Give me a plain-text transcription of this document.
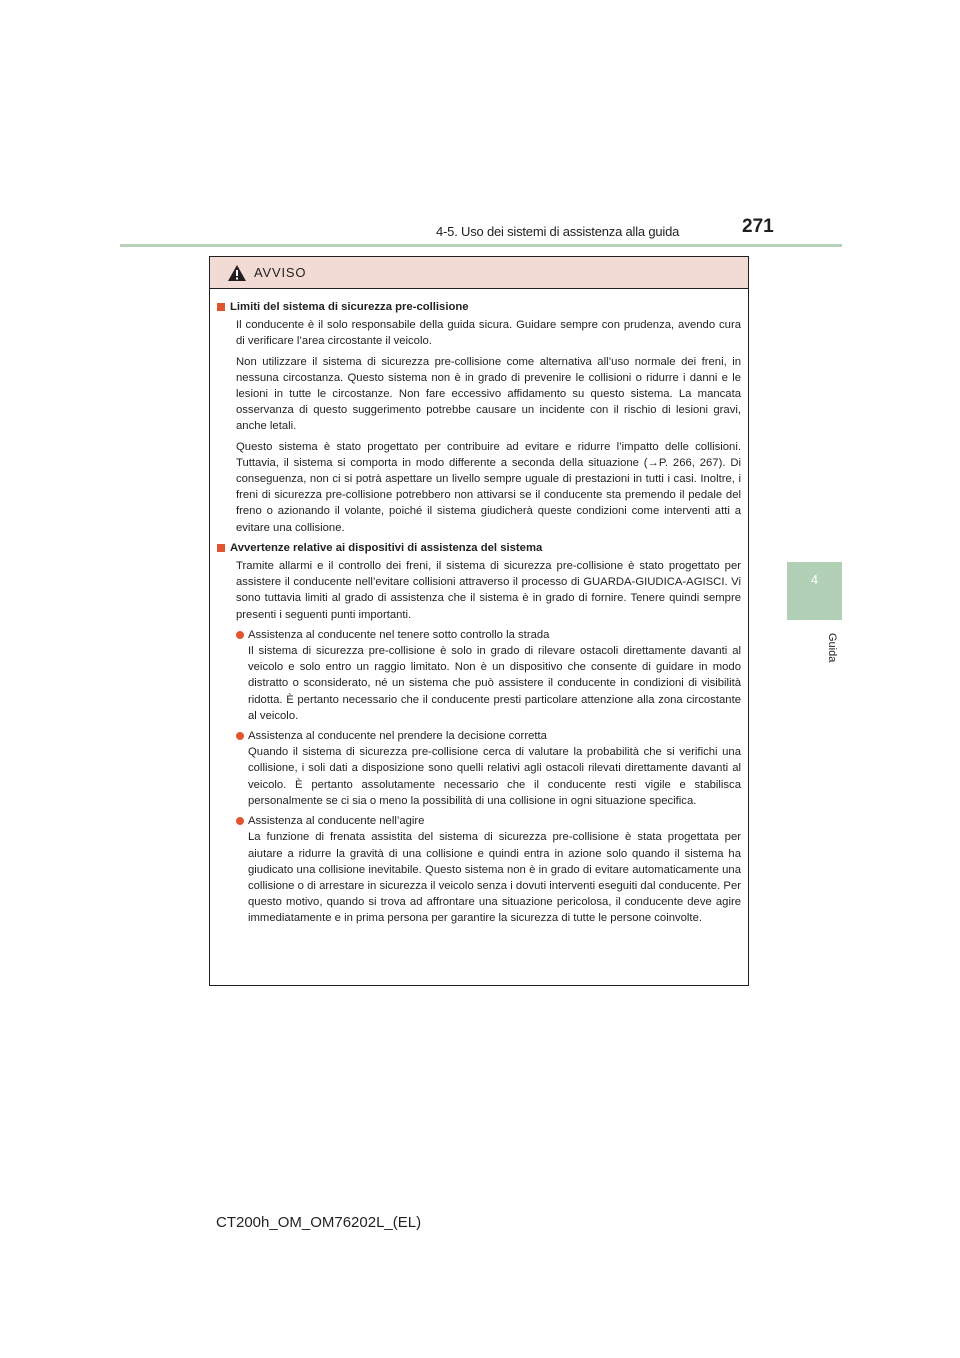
4-5. Uso dei sistemi di assistenza alla guida	271
4
Guida
AVVISO
Limiti del sistema di sicurezza pre-collisione

Il conducente è il solo responsabile della guida sicura. Guidare sempre con prudenza, avendo cura di verificare l’area circostante il veicolo.

Non utilizzare il sistema di sicurezza pre-collisione come alternativa all’uso normale dei freni, in nessuna circostanza. Questo sistema non è in grado di prevenire le collisioni o ridurre i danni e le lesioni in tutte le circostanze. Non fare eccessivo affidamento su questo sistema. La mancata osservanza di questo suggerimento potrebbe causare un incidente con il rischio di lesioni gravi, anche letali.

Questo sistema è stato progettato per contribuire ad evitare e ridurre l’impatto delle collisioni. Tuttavia, il sistema si comporta in modo differente a seconda della situazione (→P. 266, 267). Di conseguenza, non ci si potrà aspettare un livello sempre uguale di prestazioni in tutti i casi. Inoltre, i freni di sicurezza pre-collisione potrebbero non attivarsi se il conducente sta premendo il pedale del freno o azionando il volante, poiché il sistema giudicherà queste condizioni come interventi atti a evitare una collisione.

Avvertenze relative ai dispositivi di assistenza del sistema

Tramite allarmi e il controllo dei freni, il sistema di sicurezza pre-collisione è stato progettato per assistere il conducente nell’evitare collisioni attraverso il processo di GUARDA-GIUDICA-AGISCI. Vi sono tuttavia limiti al grado di assistenza che il sistema è in grado di fornire. Tenere quindi sempre presenti i seguenti punti importanti.

Assistenza al conducente nel tenere sotto controllo la strada
Il sistema di sicurezza pre-collisione è solo in grado di rilevare ostacoli direttamente davanti al veicolo e solo entro un raggio limitato. Non è un dispositivo che consente di guidare in modo distratto o sconsiderato, né un sistema che può assistere il conducente in condizioni di visibilità ridotta. È pertanto necessario che il conducente presti particolare attenzione alla zona circostante al veicolo.
Assistenza al conducente nel prendere la decisione corretta
Quando il sistema di sicurezza pre-collisione cerca di valutare la probabilità che si verifichi una collisione, i soli dati a disposizione sono quelli relativi agli ostacoli rilevati direttamente davanti al veicolo. È pertanto assolutamente necessario che il conducente resti vigile e stabilisca personalmente se ci sia o meno la possibilità di una collisione in ogni situazione specifica.
Assistenza al conducente nell’agire
La funzione di frenata assistita del sistema di sicurezza pre-collisione è stata progettata per aiutare a ridurre la gravità di una collisione e quindi entra in azione solo quando il sistema ha giudicato una collisione inevitabile. Questo sistema non è in grado di evitare automaticamente una collisione o di arrestare in sicurezza il veicolo senza i dovuti interventi eseguiti dal conducente. Per questo motivo, quando si trova ad affrontare una situazione pericolosa, il conducente deve agire immediatamente e in prima persona per garantire la sicurezza di tutte le persone coinvolte.
CT200h_OM_OM76202L_(EL)
